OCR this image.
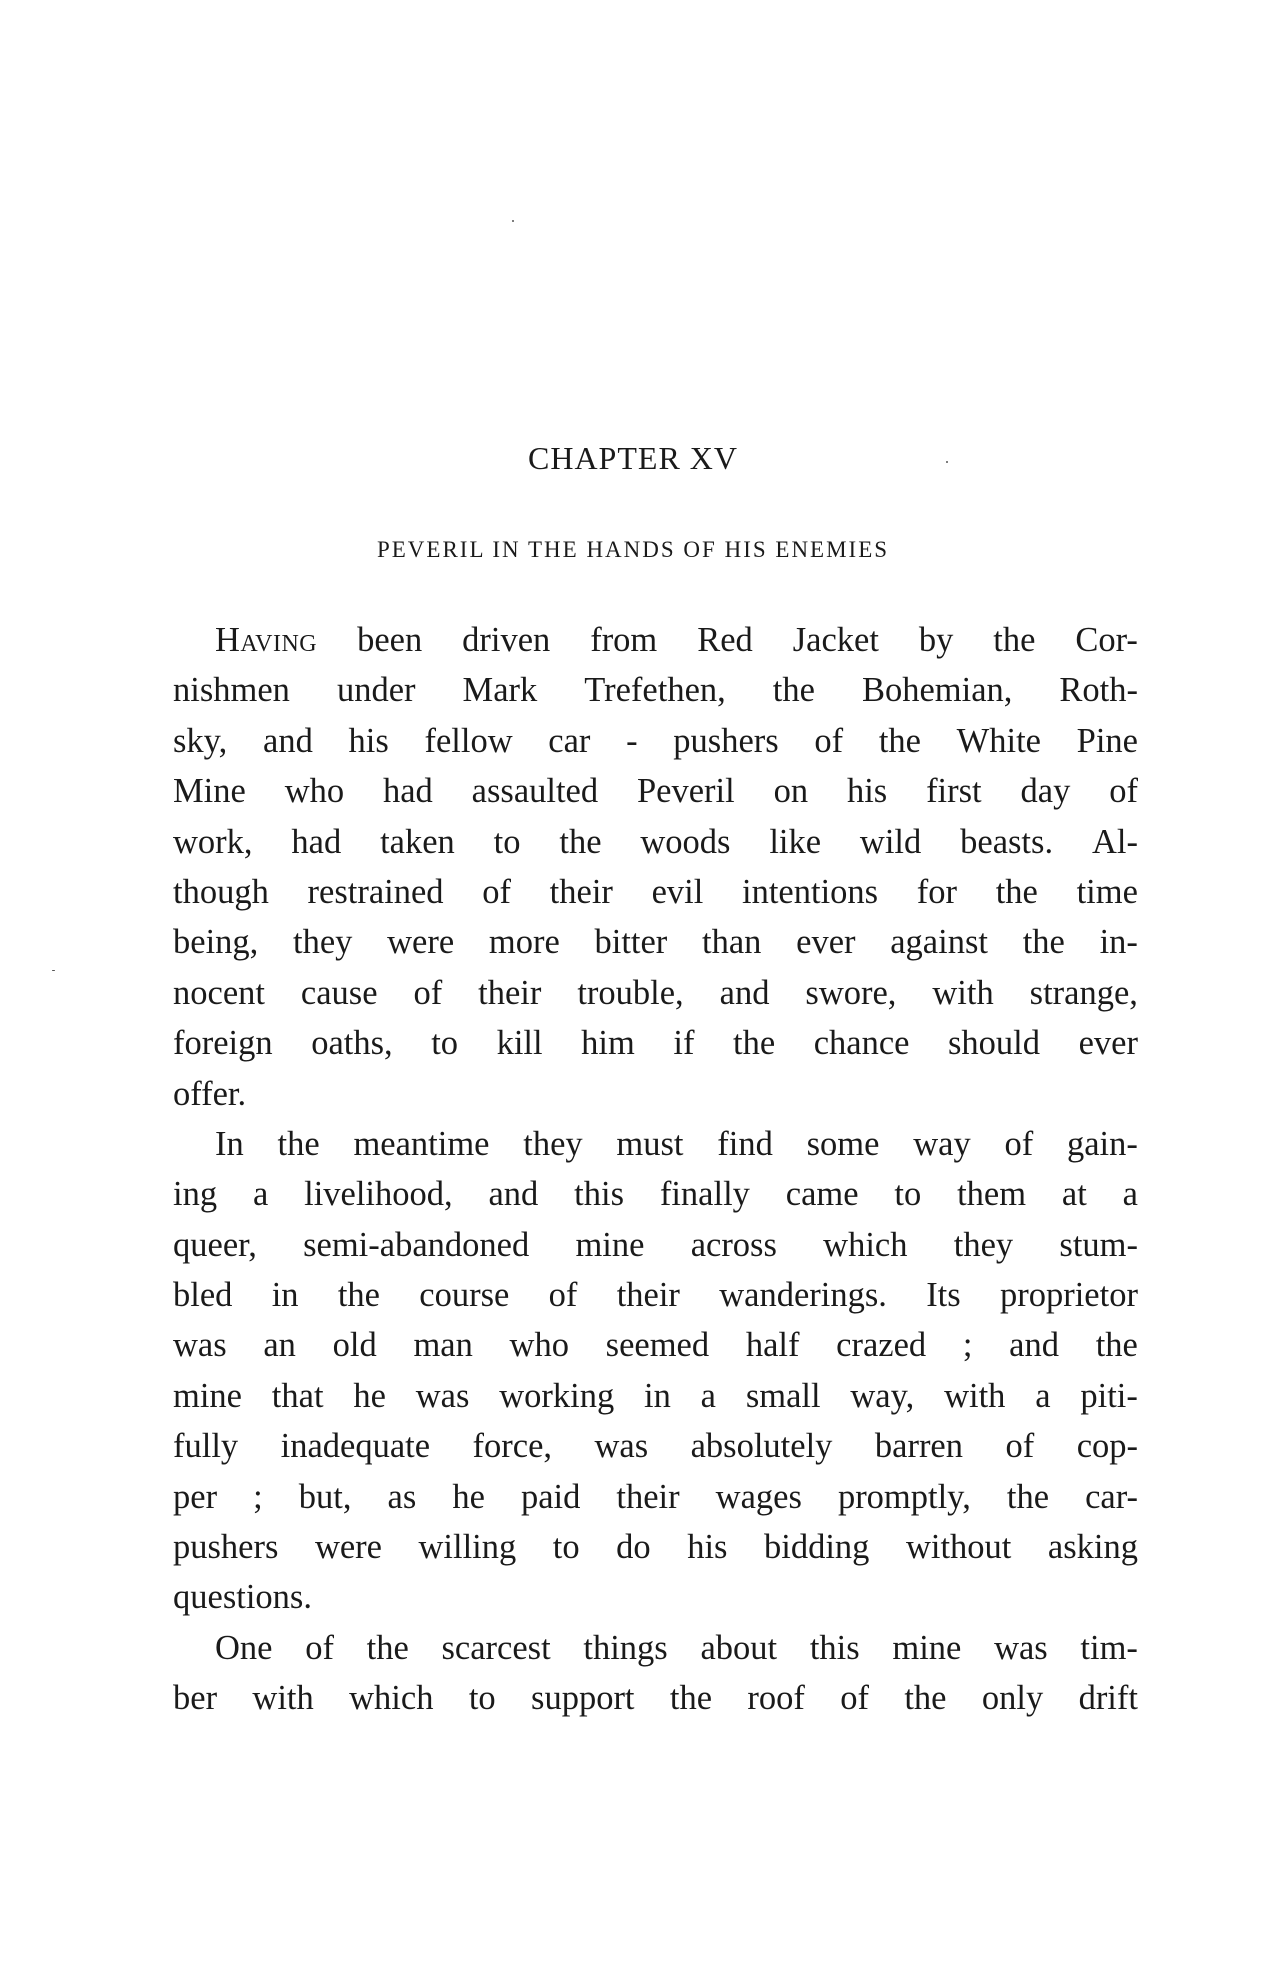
CHAPTER XV
PEVERIL IN THE HANDS OF HIS ENEMIES
Having been driven from Red Jacket by the Cor-
nishmen under Mark Trefethen, the Bohemian, Roth-
sky, and his fellow car - pushers of the White Pine
Mine who had assaulted Peveril on his first day of
work, had taken to the woods like wild beasts. Al-
though restrained of their evil intentions for the time
being, they were more bitter than ever against the in-
nocent cause of their trouble, and swore, with strange,
foreign oaths, to kill him if the chance should ever
offer.
In the meantime they must find some way of gain-
ing a livelihood, and this finally came to them at a
queer, semi-abandoned mine across which they stum-
bled in the course of their wanderings. Its proprietor
was an old man who seemed half crazed ; and the
mine that he was working in a small way, with a piti-
fully inadequate force, was absolutely barren of cop-
per ; but, as he paid their wages promptly, the car-
pushers were willing to do his bidding without asking
questions.
One of the scarcest things about this mine was tim-
ber with which to support the roof of the only drift
